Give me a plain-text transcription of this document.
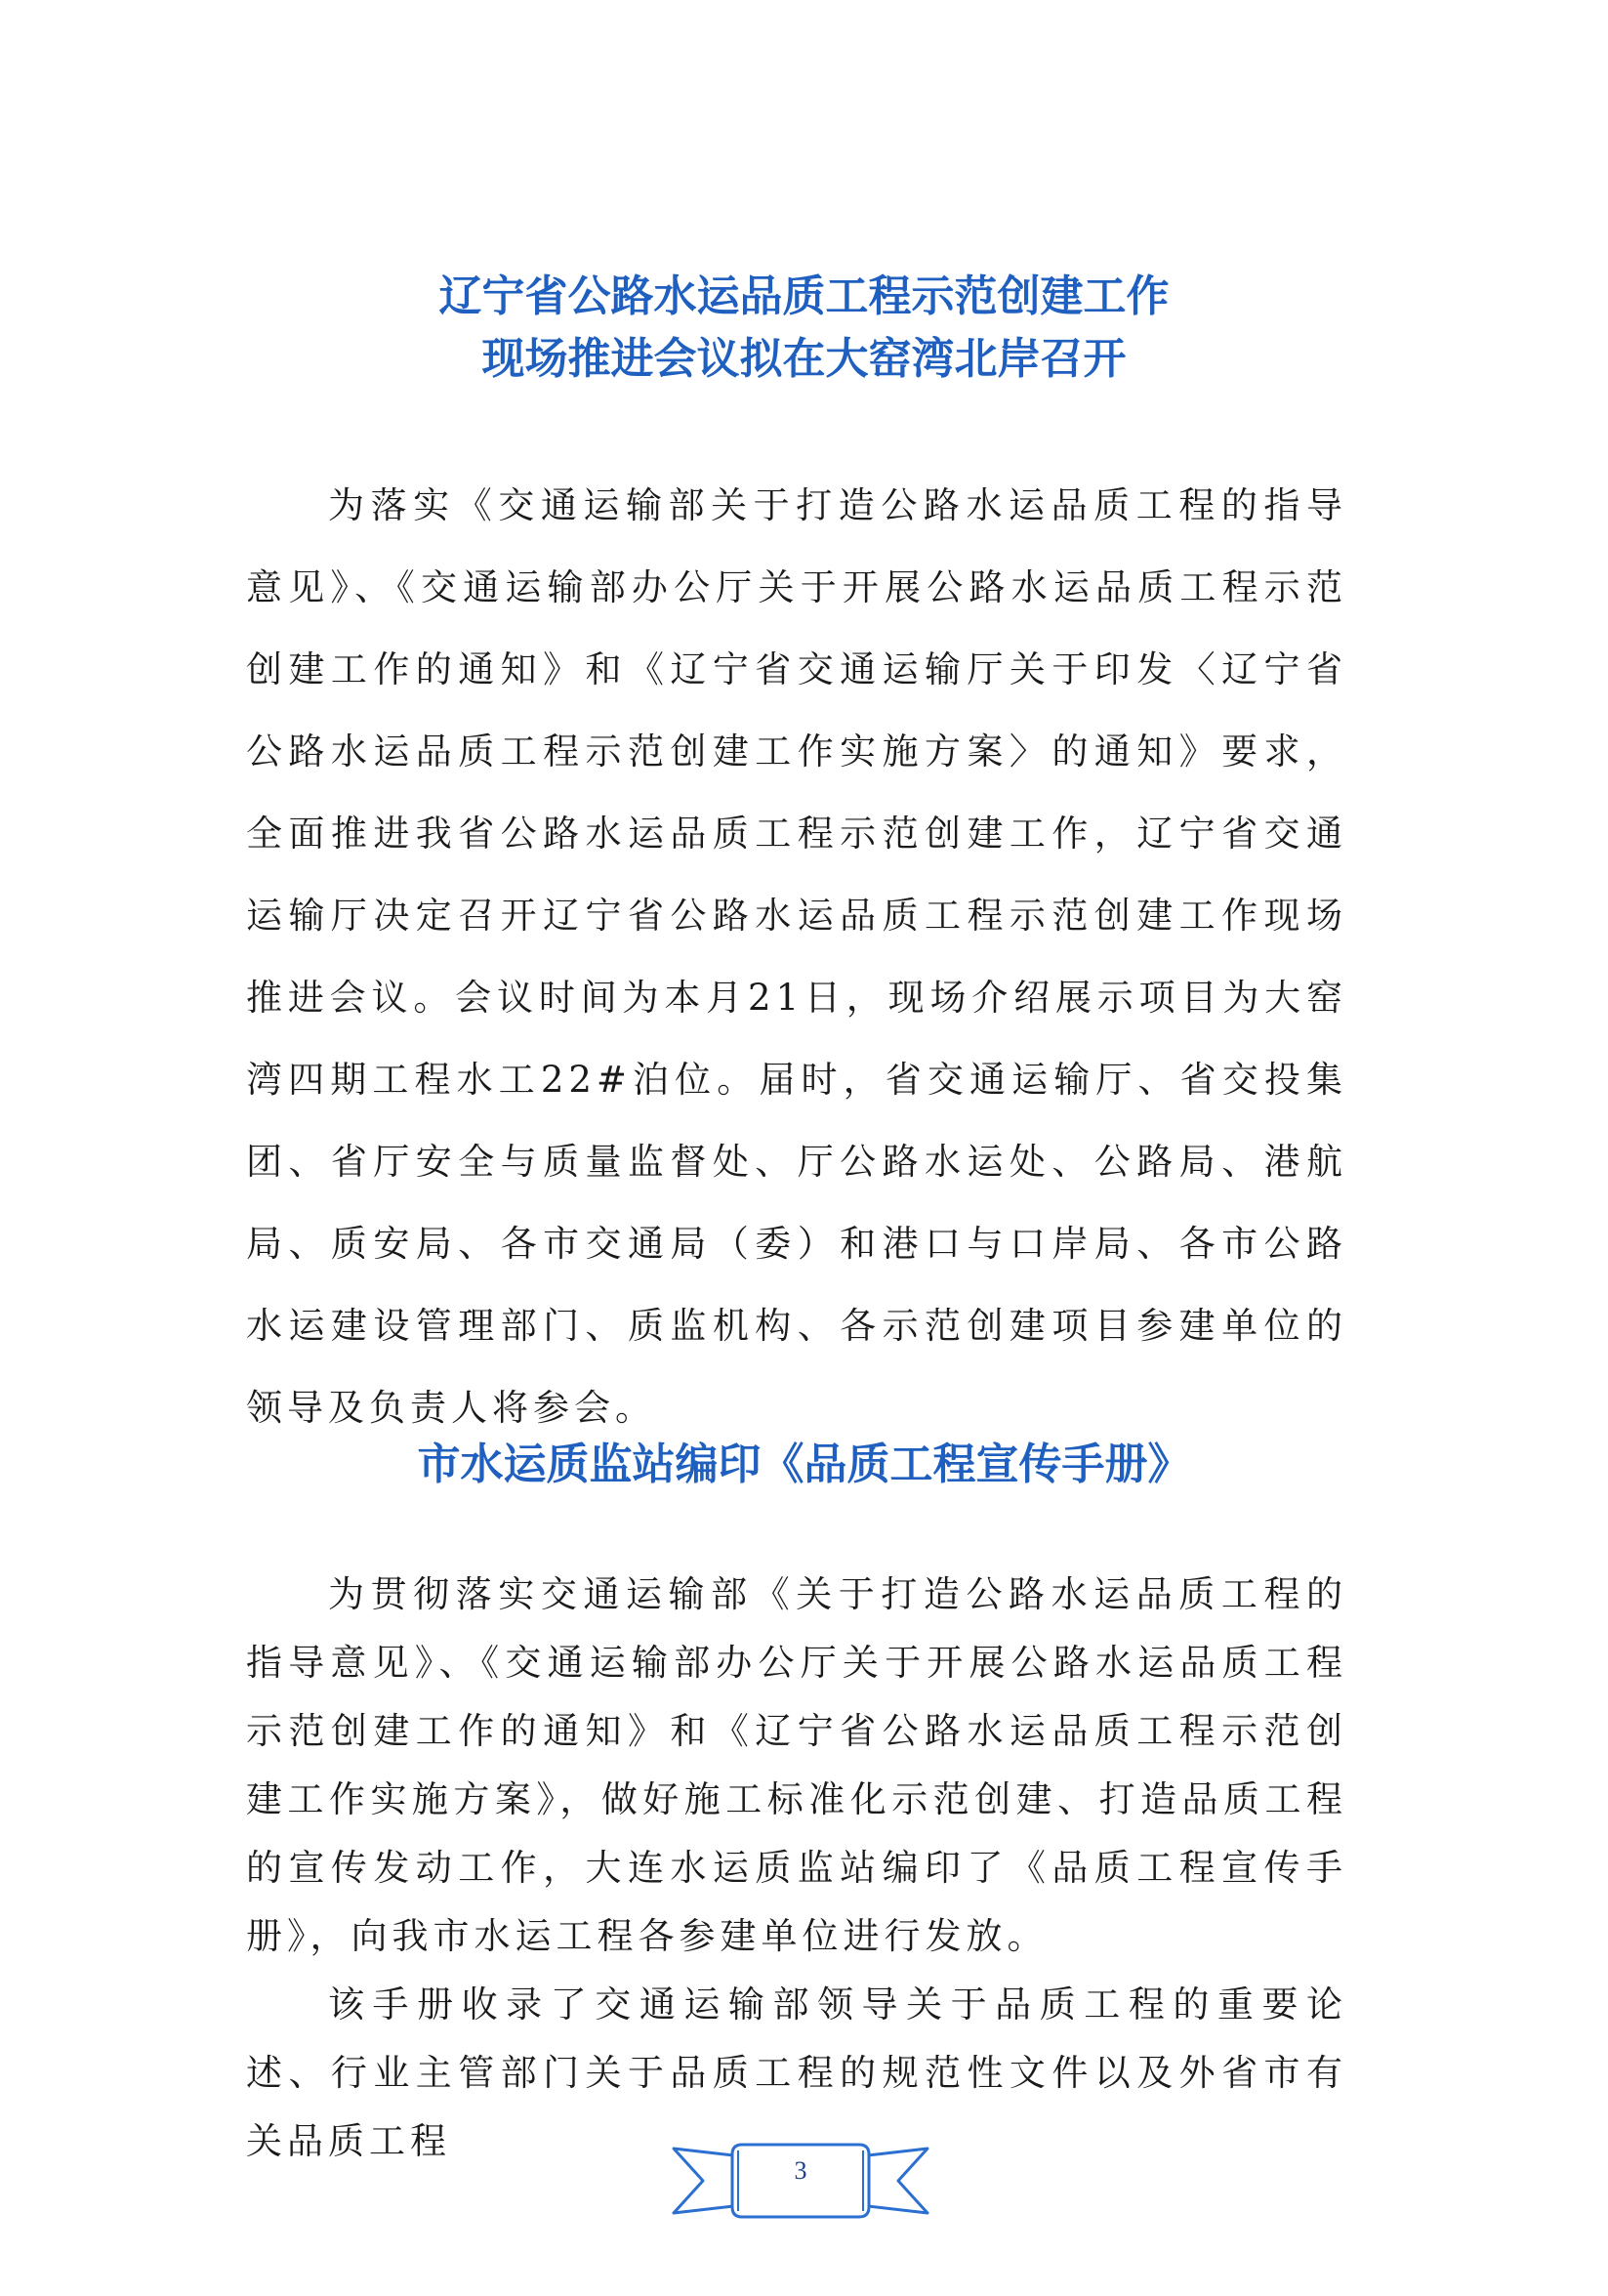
辽宁省公路水运品质工程示范创建工作
现场推进会议拟在大窑湾北岸召开

为落实《交通运输部关于打造公路水运品质工程的指导意见》、《交通运输部办公厅关于开展公路水运品质工程示范创建工作的通知》和《辽宁省交通运输厅关于印发〈辽宁省公路水运品质工程示范创建工作实施方案〉的通知》要求，全面推进我省公路水运品质工程示范创建工作，辽宁省交通运输厅决定召开辽宁省公路水运品质工程示范创建工作现场推进会议。会议时间为本月21日，现场介绍展示项目为大窑湾四期工程水工22#泊位。届时，省交通运输厅、省交投集团、省厅安全与质量监督处、厅公路水运处、公路局、港航局、质安局、各市交通局（委）和港口与口岸局、各市公路水运建设管理部门、质监机构、各示范创建项目参建单位的领导及负责人将参会。

市水运质监站编印《品质工程宣传手册》

为贯彻落实交通运输部《关于打造公路水运品质工程的指导意见》、《交通运输部办公厅关于开展公路水运品质工程示范创建工作的通知》和《辽宁省公路水运品质工程示范创建工作实施方案》，做好施工标准化示范创建、打造品质工程的宣传发动工作，大连水运质监站编印了《品质工程宣传手册》，向我市水运工程各参建单位进行发放。

该手册收录了交通运输部领导关于品质工程的重要论述、行业主管部门关于品质工程的规范性文件以及外省市有关品质工程

3
